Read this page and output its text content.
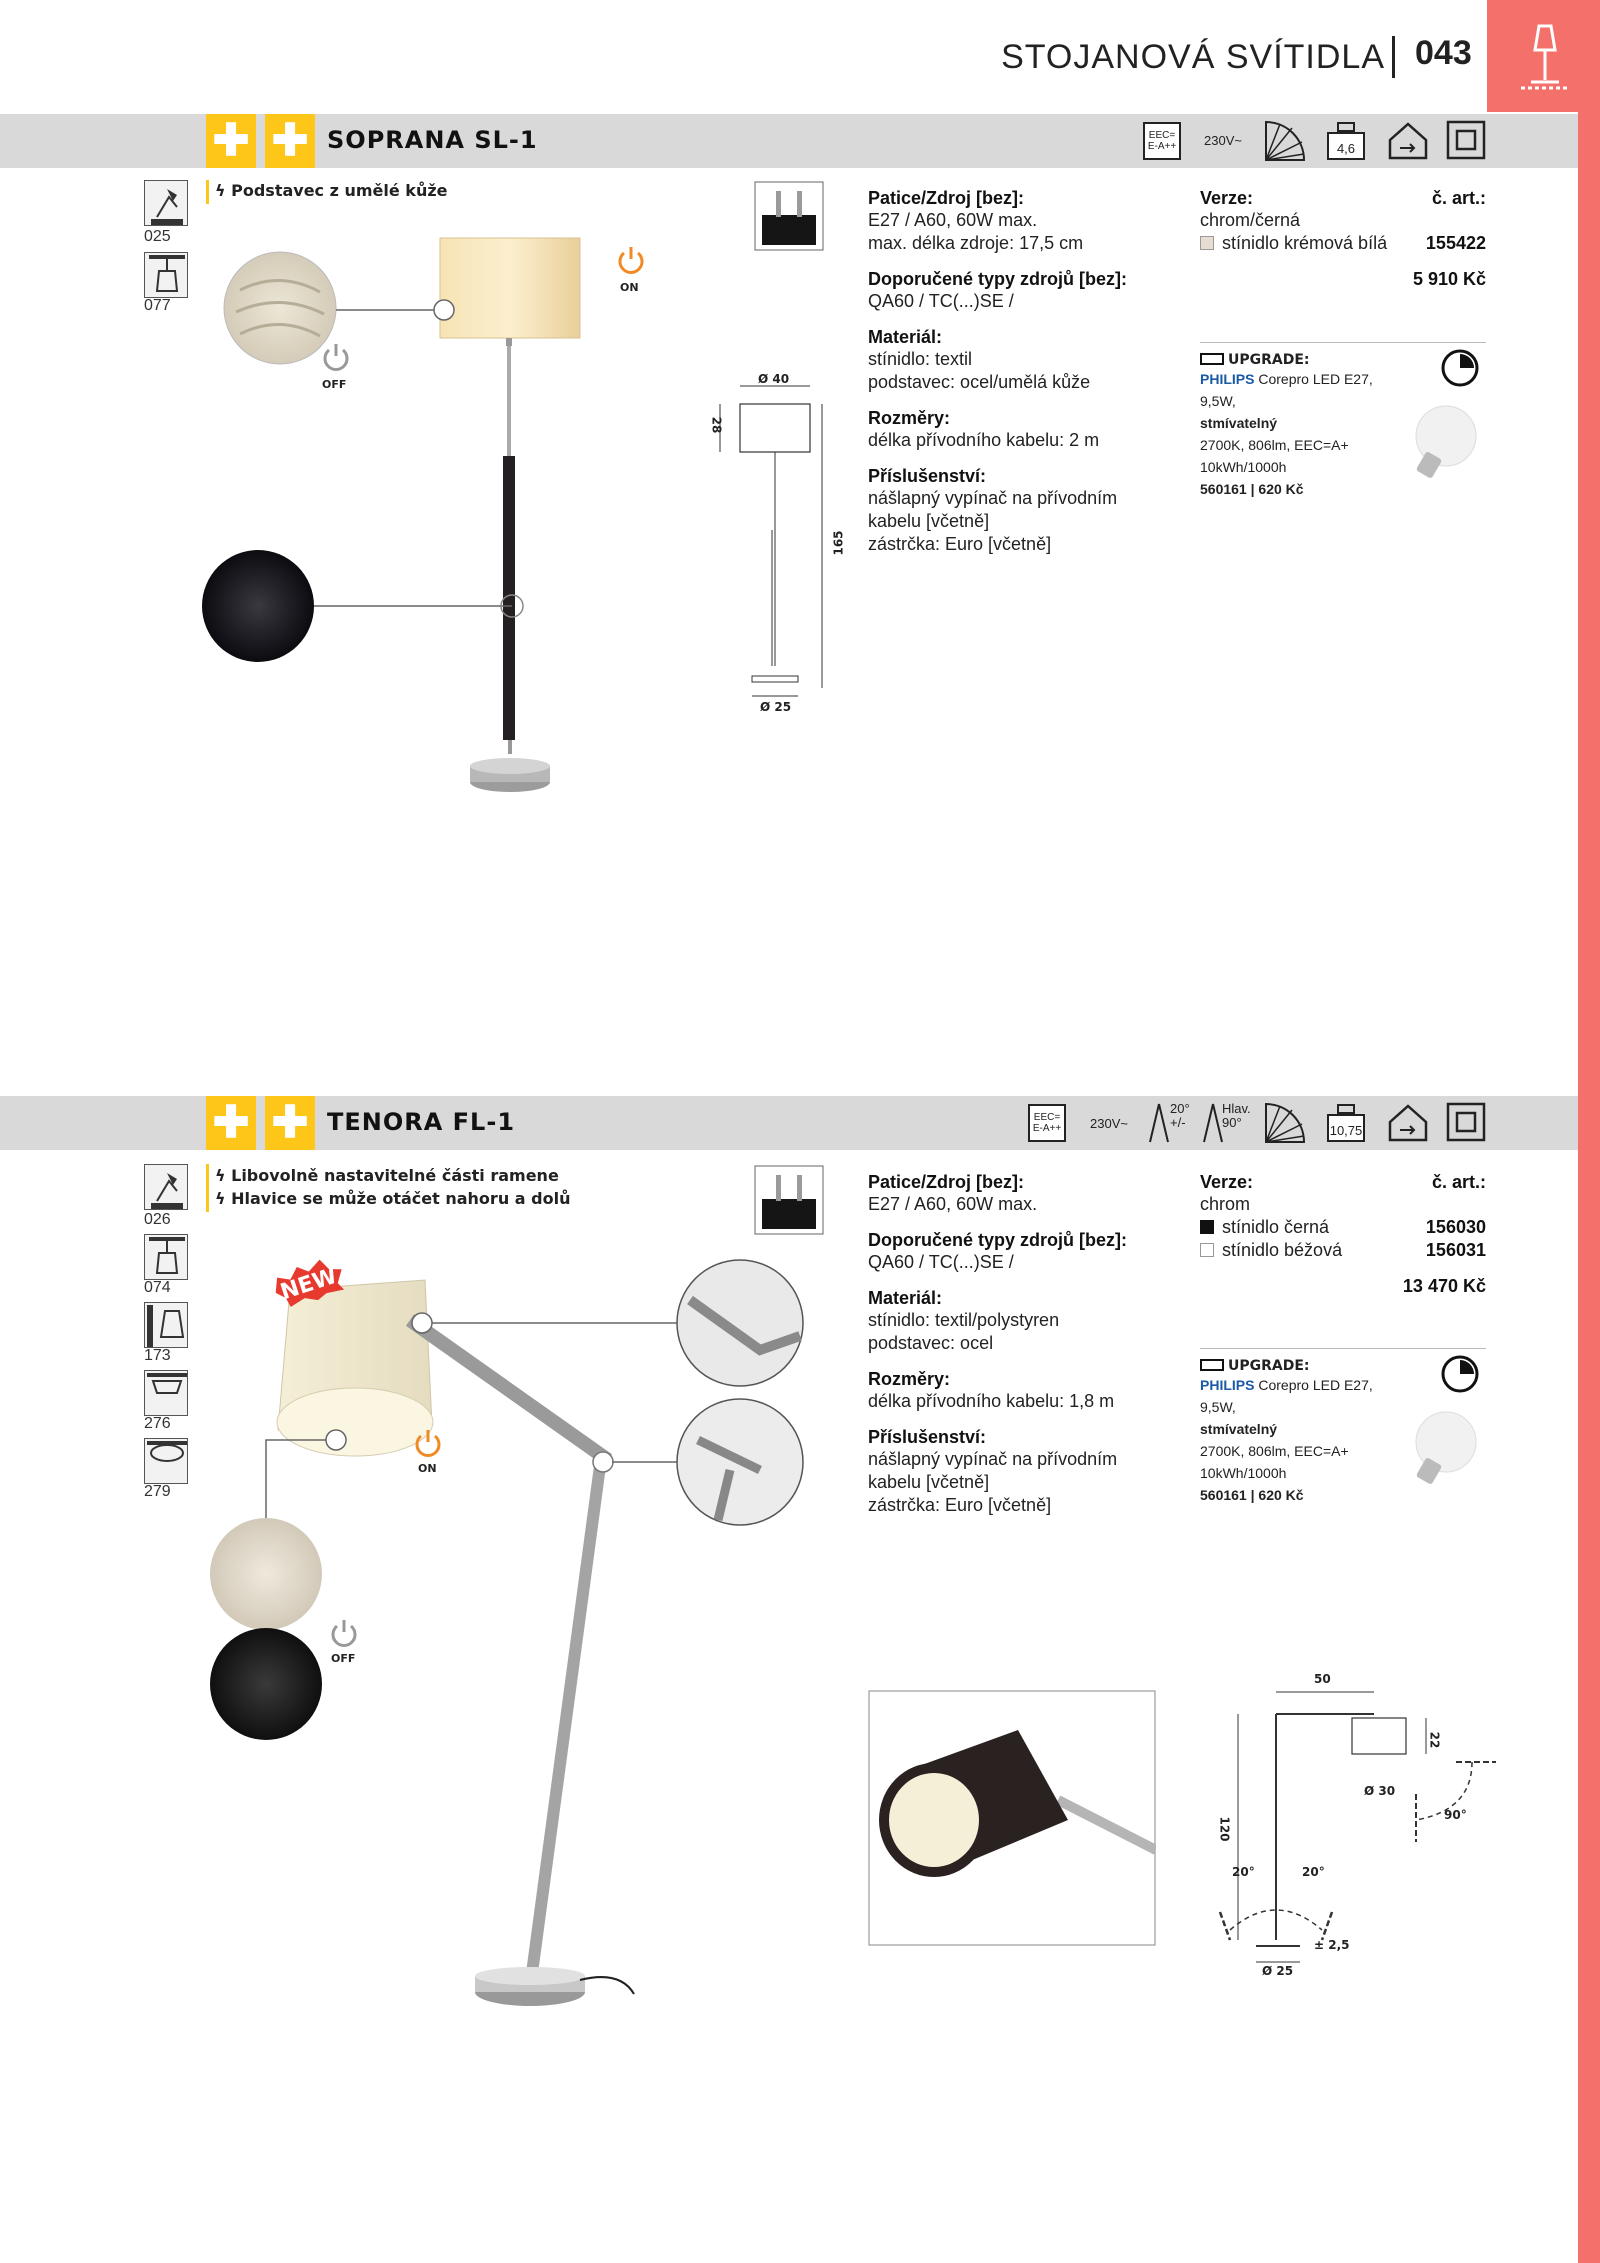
STOJANOVÁ SVÍTIDLA 043
✚ ✚ SOPRANA SL-1	EEC=
E-A++	230V~
4,6
ϟ Podstavec z umělé kůže
025
077
ON
OFF	Ø 40
28
165
Ø 25
Patice/Zdroj [bez]:
E27 / A60, 60W max.
max. délka zdroje: 17,5 cm
Doporučené typy zdrojů [bez]:
QA60 / TC(...)SE /
Materiál:
stínidlo: textil
podstavec: ocel/umělá kůže
Rozměry:
délka přívodního kabelu: 2 m
Příslušenství:
nášlapný vypínač na přívodním
kabelu [včetně]
zástrčka: Euro [včetně]
Verze:	č. art.:
chrom/černá
stínidlo krémová bílá 155422
5 910 Kč
UPGRADE:
PHILIPS Corepro LED E27, 9,5W,
stmívatelný
2700K, 806lm, EEC=A+
10kWh/1000h
560161 | 620 Kč
✚ ✚ TENORA FL-1	EEC=
E-A++	230V~
20°
+/-
Hlav.
90°
10,75
ϟ Libovolně nastavitelné části ramene
ϟ Hlavice se může otáčet nahoru a dolů
026
074
173
276
279
NEW
ON
OFF
Patice/Zdroj [bez]:
E27 / A60, 60W max.
Doporučené typy zdrojů [bez]:
QA60 / TC(...)SE /
Materiál:
stínidlo: textil/polystyren
podstavec: ocel
Rozměry:
délka přívodního kabelu: 1,8 m
Příslušenství:
nášlapný vypínač na přívodním
kabelu [včetně]
zástrčka: Euro [včetně]
Verze:	č. art.:
chrom
stínidlo černá	156030
stínidlo béžová	156031
13 470 Kč
UPGRADE:
PHILIPS Corepro LED E27, 9,5W,
stmívatelný
2700K, 806lm, EEC=A+
10kWh/1000h
560161 | 620 Kč
50
22
Ø 30
120
20°	20°
90°
± 2,5
Ø 25
